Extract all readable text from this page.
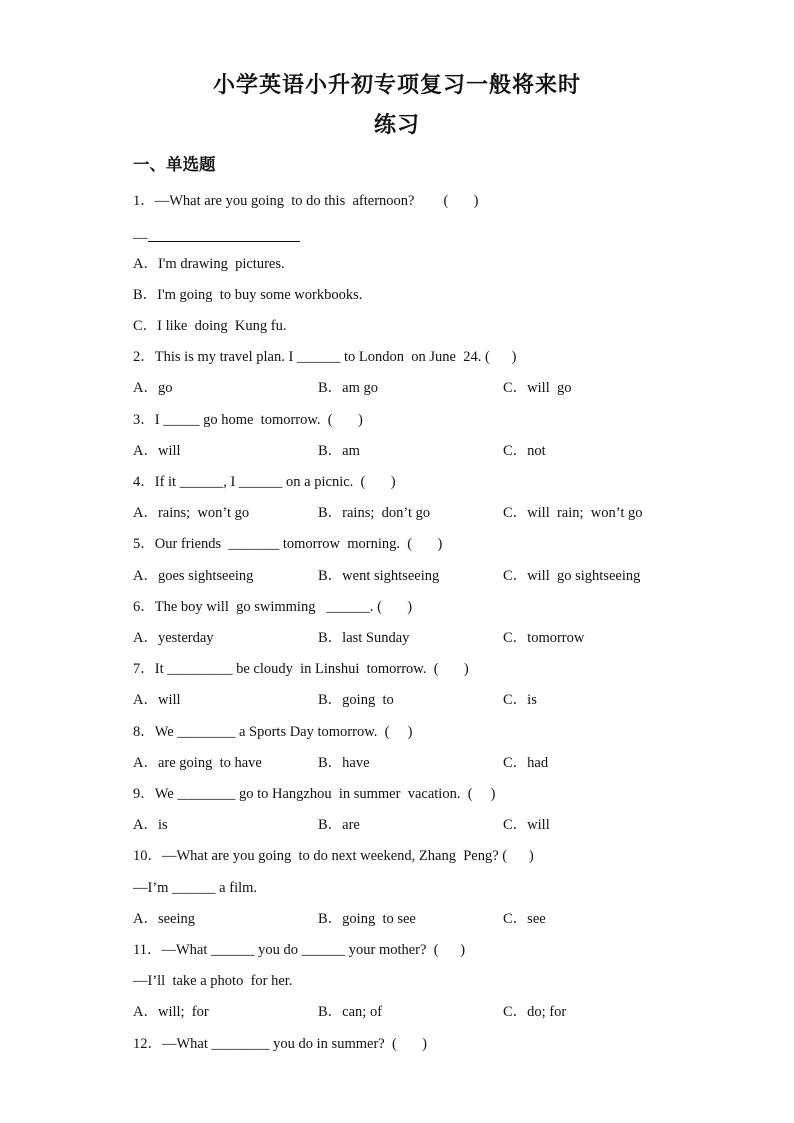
小学英语小升初专项复习一般将来时
练习
一、单选题
1．—What are you going  to do this  afternoon?        (       )
—
A．I'm drawing  pictures.
B．I'm going  to buy some workbooks.
C．I like  doing  Kung fu.
2．This is my travel plan. I ______ to London  on June  24. (      )
A．go	B．am go	C．will  go
3．I _____ go home  tomorrow.  (       )
A．will	B．am	C．not
4．If it ______, I ______ on a picnic.  (       )
A．rains;  won’t go	B．rains;  don’t go	C．will  rain;  won’t go
5．Our friends  _______ tomorrow  morning.  (       )
A．goes sightseeing	B．went sightseeing	C．will  go sightseeing
6．The boy will  go swimming   ______. (       )
A．yesterday	B．last Sunday	C．tomorrow
7．It _________ be cloudy  in Linshui  tomorrow.  (       )
A．will	B．going  to	C．is
8．We ________ a Sports Day tomorrow.  (     )
A．are going  to have	B．have	C．had
9．We ________ go to Hangzhou  in summer  vacation.  (     )
A．is	B．are	C．will
10．—What are you going  to do next weekend, Zhang  Peng? (      )
—I’m ______ a film.
A．seeing	B．going  to see	C．see
11．—What ______ you do ______ your mother?  (      )
—I’ll  take a photo  for her.
A．will;  for	B．can; of	C．do; for
12．—What ________ you do in summer?  (       )
